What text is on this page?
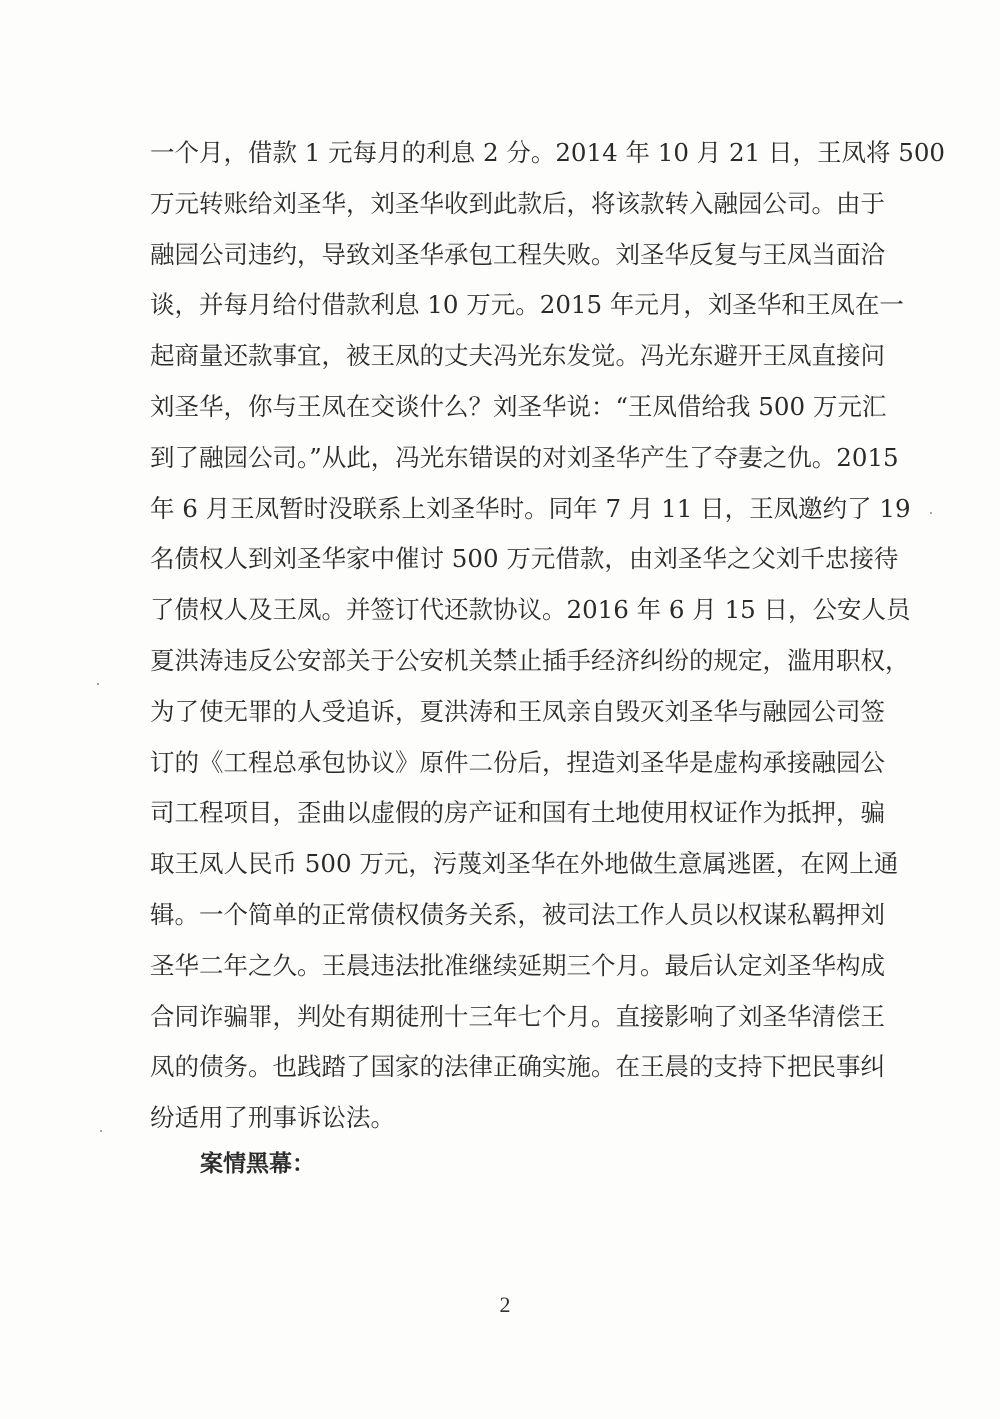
一个月，借款 1 元每月的利息 2 分。2014 年 10 月 21 日，王凤将 500
万元转账给刘圣华，刘圣华收到此款后，将该款转入融园公司。由于
融园公司违约，导致刘圣华承包工程失败。刘圣华反复与王凤当面洽
谈，并每月给付借款利息 10 万元。2015 年元月，刘圣华和王凤在一
起商量还款事宜，被王凤的丈夫冯光东发觉。冯光东避开王凤直接问
刘圣华，你与王凤在交谈什么？刘圣华说：“王凤借给我 500 万元汇
到了融园公司。”从此，冯光东错误的对刘圣华产生了夺妻之仇。2015
年 6 月王凤暂时没联系上刘圣华时。同年 7 月 11 日，王凤邀约了 19
名债权人到刘圣华家中催讨 500 万元借款，由刘圣华之父刘千忠接待
了债权人及王凤。并签订代还款协议。2016 年 6 月 15 日，公安人员
夏洪涛违反公安部关于公安机关禁止插手经济纠纷的规定，滥用职权，
为了使无罪的人受追诉，夏洪涛和王凤亲自毁灭刘圣华与融园公司签
订的《工程总承包协议》原件二份后，捏造刘圣华是虚构承接融园公
司工程项目，歪曲以虚假的房产证和国有土地使用权证作为抵押，骗
取王凤人民币 500 万元，污蔑刘圣华在外地做生意属逃匿，在网上通
辑。一个简单的正常债权债务关系，被司法工作人员以权谋私羁押刘
圣华二年之久。王晨违法批准继续延期三个月。最后认定刘圣华构成
合同诈骗罪，判处有期徒刑十三年七个月。直接影响了刘圣华清偿王
凤的债务。也践踏了国家的法律正确实施。在王晨的支持下把民事纠
纷适用了刑事诉讼法。

案情黑幕：
2
